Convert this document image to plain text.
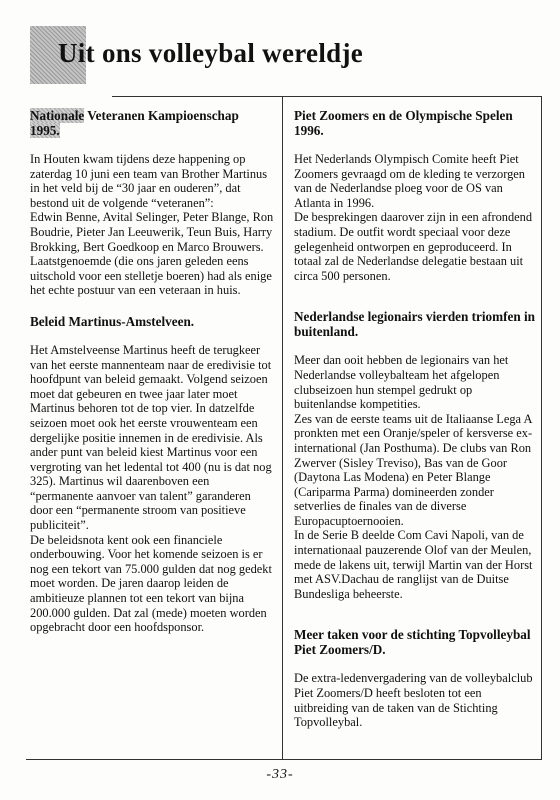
Uit ons volleybal wereldje

Nationale Veteranen Kampioenschap
1995.

In Houten kwam tijdens deze happening op zaterdag 10 juni een team van Brother Martinus in het veld bij de “30 jaar en ouderen”, dat bestond uit de volgende “veteranen”:

Edwin Benne, Avital Selinger, Peter Blange, Ron Boudrie, Pieter Jan Leeuwerik, Teun Buis, Harry Brokking, Bert Goedkoop en Marco Brouwers.

Laatstgenoemde (die ons jaren geleden eens uitschold voor een stelletje boeren) had als enige het echte postuur van een veteraan in huis.

Beleid Martinus-Amstelveen.

Het Amstelveense Martinus heeft de terugkeer van het eerste mannenteam naar de eredivisie tot hoofdpunt van beleid gemaakt. Volgend seizoen moet dat gebeuren en twee jaar later moet Martinus behoren tot de top vier. In datzelfde seizoen moet ook het eerste vrouwenteam een dergelijke positie innemen in de eredivisie. Als ander punt van beleid kiest Martinus voor een vergroting van het ledental tot 400 (nu is dat nog 325). Martinus wil daarenboven een “permanente aanvoer van talent” garanderen door een “permanente stroom van positieve publiciteit”.

De beleidsnota kent ook een financiele onderbouwing. Voor het komende seizoen is er nog een tekort van 75.000 gulden dat nog gedekt moet worden. De jaren daarop leiden de ambitieuze plannen tot een tekort van bijna 200.000 gulden. Dat zal (mede) moeten worden opgebracht door een hoofdsponsor.

Piet Zoomers en de Olympische Spelen 1996.

Het Nederlands Olympisch Comite heeft Piet Zoomers gevraagd om de kleding te verzorgen van de Nederlandse ploeg voor de OS van Atlanta in 1996.

De besprekingen daarover zijn in een afrondend stadium. De outfit wordt speciaal voor deze gelegenheid ontworpen en geproduceerd. In totaal zal de Nederlandse delegatie bestaan uit circa 500 personen.

Nederlandse legionairs vierden triomfen in buitenland.

Meer dan ooit hebben de legionairs van het Nederlandse volleybalteam het afgelopen clubseizoen hun stempel gedrukt op buitenlandse kompetities.

Zes van de eerste teams uit de Italiaanse Lega A pronkten met een Oranje/speler of kersverse ex-international (Jan Posthuma). De clubs van Ron Zwerver (Sisley Treviso), Bas van de Goor (Daytona Las Modena) en Peter Blange (Cariparma Parma) domineerden zonder setverlies de finales van de diverse Europacuptoernooien.

In de Serie B deelde Com Cavi Napoli, van de internationaal pauzerende Olof van der Meulen, mede de lakens uit, terwijl Martin van der Horst met ASV.Dachau de ranglijst van de Duitse Bundesliga beheerste.

Meer taken voor de stichting Topvolleybal Piet Zoomers/D.

De extra-ledenvergadering van de volleybalclub Piet Zoomers/D heeft besloten tot een uitbreiding van de taken van de Stichting Topvolleybal.

-33-
